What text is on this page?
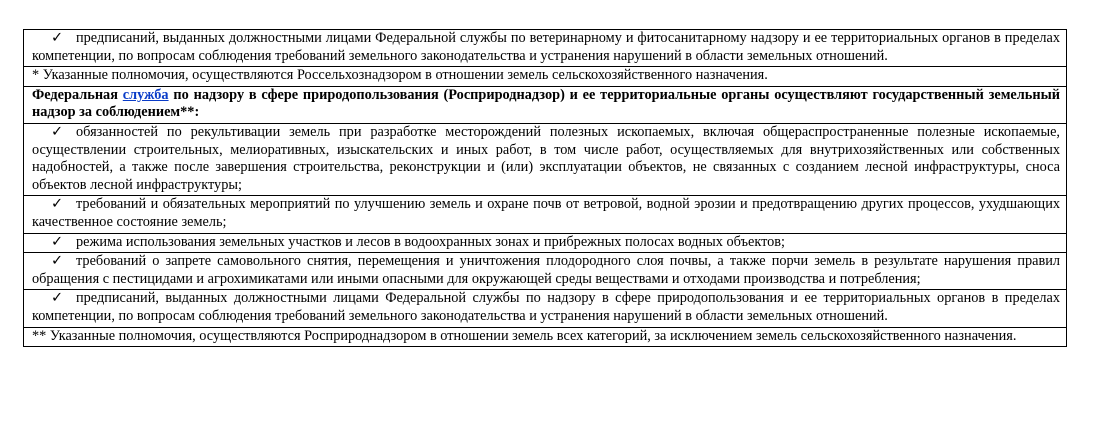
✓ предписаний, выданных должностными лицами Федеральной службы по ветеринарному и фитосанитарному надзору и ее территориальных органов в пределах компетенции, по вопросам соблюдения требований земельного законодательства и устранения нарушений в области земельных отношений.
* Указанные полномочия, осуществляются Россельхознадзором в отношении земель сельскохозяйственного назначения.
Федеральная служба по надзору в сфере природопользования (Росприроднадзор) и ее территориальные органы осуществляют государственный земельный надзор за соблюдением**:
✓ обязанностей по рекультивации земель при разработке месторождений полезных ископаемых, включая общераспространенные полезные ископаемые, осуществлении строительных, мелиоративных, изыскательских и иных работ, в том числе работ, осуществляемых для внутрихозяйственных или собственных надобностей, а также после завершения строительства, реконструкции и (или) эксплуатации объектов, не связанных с созданием лесной инфраструктуры, сноса объектов лесной инфраструктуры;
✓ требований и обязательных мероприятий по улучшению земель и охране почв от ветровой, водной эрозии и предотвращению других процессов, ухудшающих качественное состояние земель;
✓ режима использования земельных участков и лесов в водоохранных зонах и прибрежных полосах водных объектов;
✓ требований о запрете самовольного снятия, перемещения и уничтожения плодородного слоя почвы, а также порчи земель в результате нарушения правил обращения с пестицидами и агрохимикатами или иными опасными для окружающей среды веществами и отходами производства и потребления;
✓ предписаний, выданных должностными лицами Федеральной службы по надзору в сфере природопользования и ее территориальных органов в пределах компетенции, по вопросам соблюдения требований земельного законодательства и устранения нарушений в области земельных отношений.
** Указанные полномочия, осуществляются Росприроднадзором в отношении земель всех категорий, за исключением земель сельскохозяйственного назначения.
